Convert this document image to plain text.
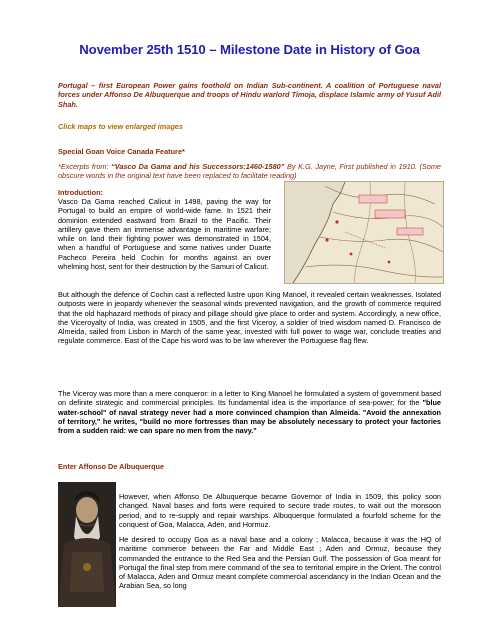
November 25th 1510 – Milestone Date in History of Goa
Portugal – first European Power gains foothold on Indian Sub-continent. A coalition of Portuguese naval forces under Affonso De Albuquerque and troops of Hindu warlord Timoja, displace Islamic army of Yusuf Adil Shah.
Click maps to view enlarged images
Special Goan Voice Canada Feature*
*Excerpts from: “Vasco Da Gama and his Successors:1460-1580” By K.G. Jayne, First published in 1910. (Some obscure words in the original text have been replaced to facilitate reading)
Introduction:
Vasco Da Gama reached Calicut in 1498, paving the way for Portugal to build an empire of world-wide fame. In 1521 their dominion extended eastward from Brazil to the Pacific. Their artillery gave them an immense advantage in maritime warfare; while on land their fighting power was demonstrated in 1504, when a handful of Portuguese and some natives under Duarte Pacheco Pereira held Cochin for months against an over whelming host, sent for their destruction by the Samuri of Calicut.
But although the defence of Cochin cast a reflected lustre upon King Manoel, it revealed certain weaknesses. Isolated outposts were in jeopardy whenever the seasonal winds prevented navigation, and the growth of commerce required that the old haphazard methods of piracy and pillage should give place to order and system. Accordingly, a new office, the Viceroyalty of India, was created in 1505, and the first Viceroy, a soldier of tried wisdom named D. Francisco de Almeida, sailed from Lisbon in March of the same year, invested with full power to wage war, conclude treaties and regulate commerce. East of the Cape his word was to be law wherever the Portuguese flag flew.
The Viceroy was more than a mere conqueror: in a letter to King Manoel he formulated a system of government based on definite strategic and commercial principles. Its fundamental idea is the importance of sea-power; for the "blue water-school" of naval strategy never had a more convinced champion than Almeida. "Avoid the annexation of territory," he writes, "build no more fortresses than may be absolutely necessary to protect your factories from a sudden raid: we can spare no men from the navy."
Enter Affonso De Albuquerque
However, when Affonso De Albuquerque became Governor of India in 1509, this policy soon changed. Naval bases and forts were required to secure trade routes, to wait out the monsoon period, and to re-supply and repair warships. Albuquerque formulated a fourfold scheme for the conquest of Goa, Malacca, Aden, and Hormuz.
He desired to occupy Goa as a naval base and a colony ; Malacca, because it was the HQ of maritime commerce between the Far and Middle East ; Aden and Ormuz, because they commanded the entrance to the Red Sea and the Persian Gulf. The possession of Goa meant for Portugal the final step from mere command of the sea to territorial empire in the Orient. The control of Malacca, Aden and Ormuz meant complete commercial ascendancy in the Indian Ocean and the Arabian Sea, so long
